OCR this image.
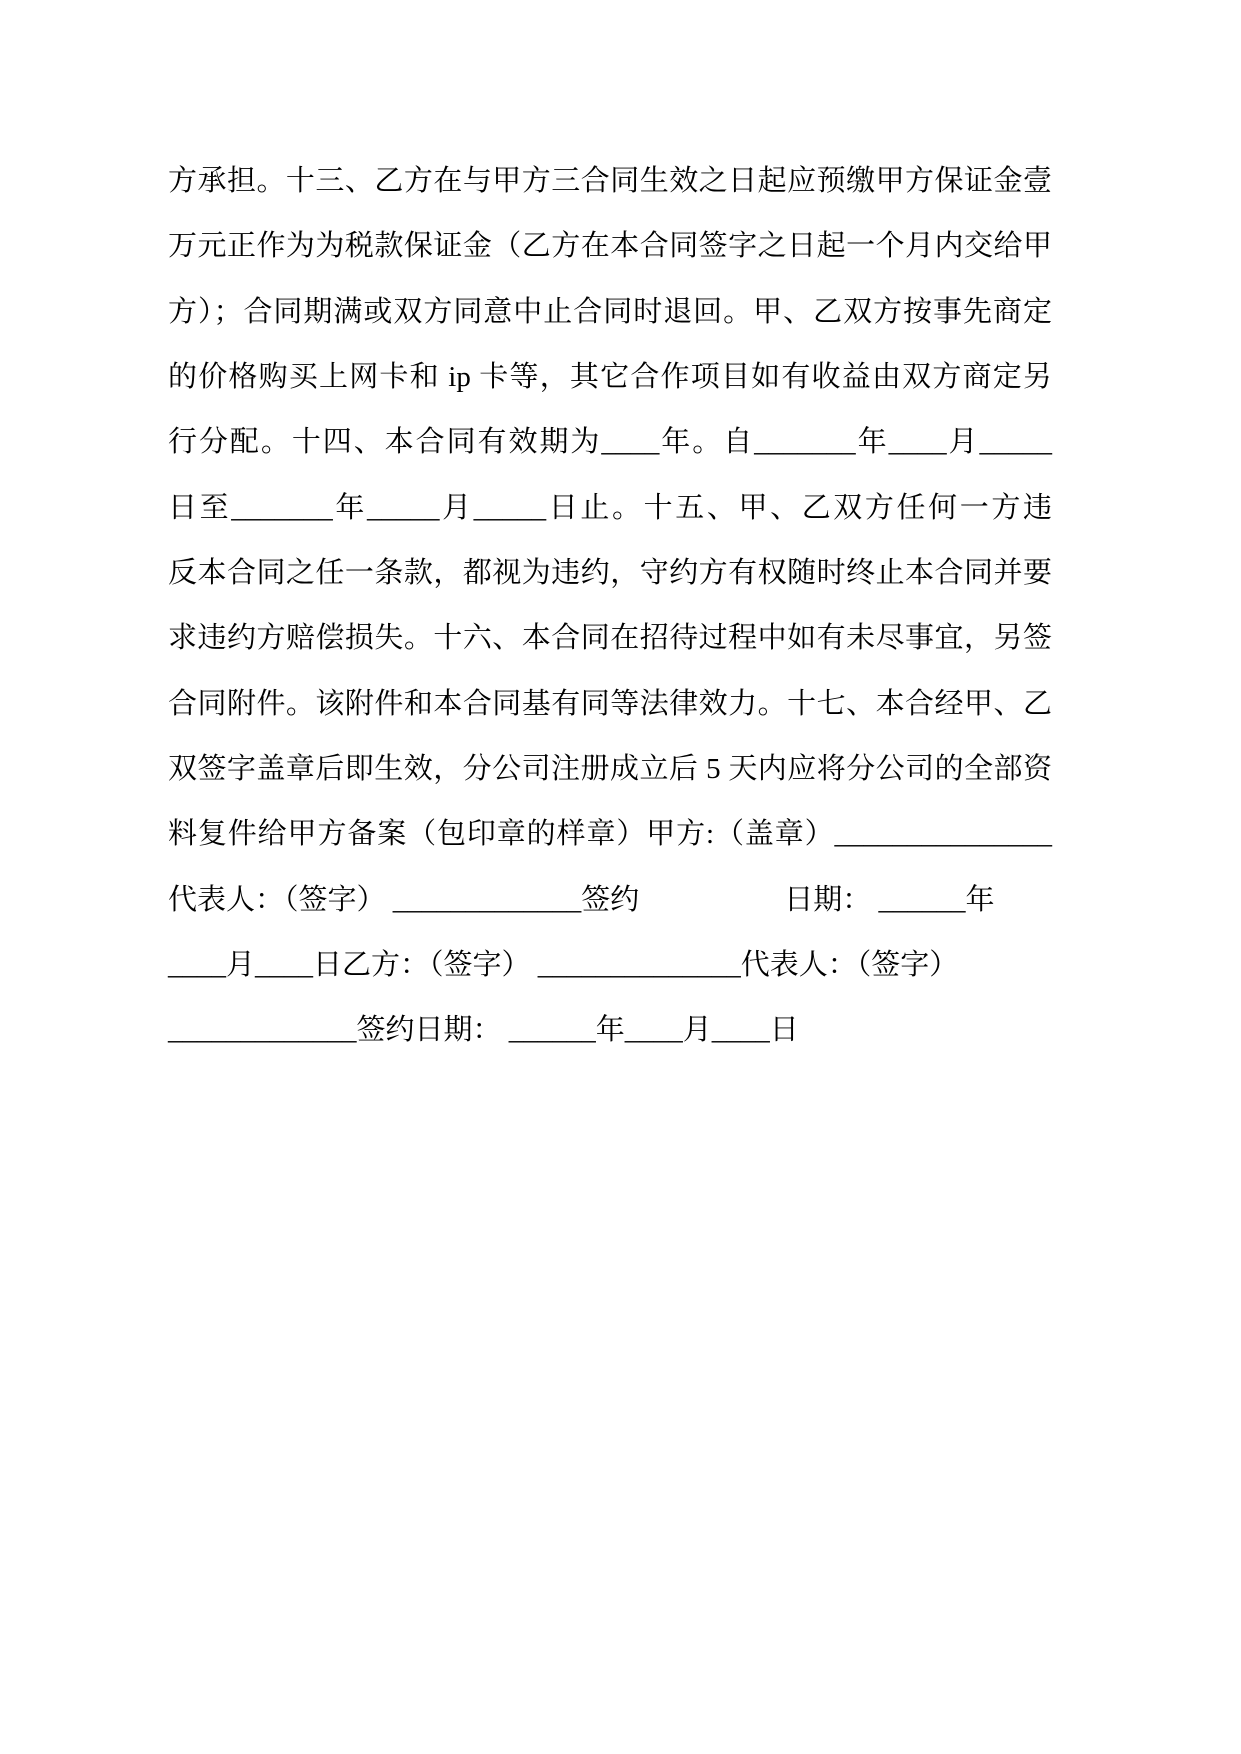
方承担。十三、乙方在与甲方三合同生效之日起应预缴甲方保证金壹
万元正作为为税款保证金（乙方在本合同签字之日起一个月内交给甲
方）；合同期满或双方同意中止合同时退回。甲、乙双方按事先商定
的价格购买上网卡和 ip 卡等，其它合作项目如有收益由双方商定另
行分配。十四、本合同有效期为____年。自_______年____月_____
日至_______年_____月_____日止。十五、甲、乙双方任何一方违
反本合同之任一条款，都视为违约，守约方有权随时终止本合同并要
求违约方赔偿损失。十六、本合同在招待过程中如有未尽事宜，另签
合同附件。该附件和本合同基有同等法律效力。十七、本合经甲、乙
双签字盖章后即生效，分公司注册成立后 5 天内应将分公司的全部资
料复件给甲方备案（包印章的样章）甲方:（盖章）_______________
代表人：（签字） _____________签约　　　　　日期： ______年
____月____日乙方：（签字） ______________代表人：（签字）
_____________签约日期： ______年____月____日
